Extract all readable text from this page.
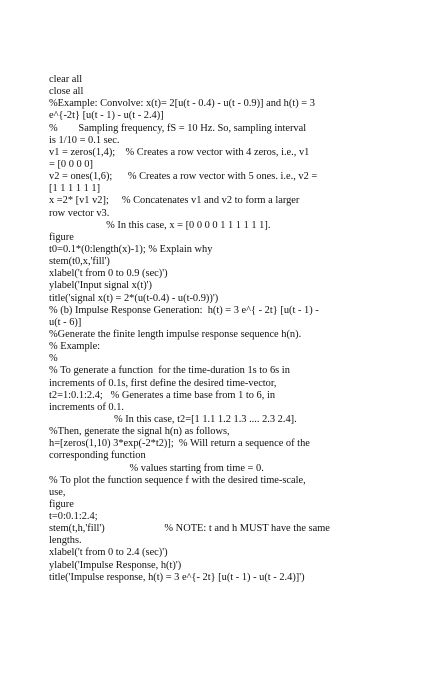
clear all
close all
%Example: Convolve: x(t)= 2[u(t - 0.4) - u(t - 0.9)] and h(t) = 3
e^{-2t} [u(t - 1) - u(t - 2.4)]
%        Sampling frequency, fS = 10 Hz. So, sampling interval
is 1/10 = 0.1 sec.
v1 = zeros(1,4);    % Creates a row vector with 4 zeros, i.e., v1
= [0 0 0 0]
v2 = ones(1,6);      % Creates a row vector with 5 ones. i.e., v2 =
[1 1 1 1 1 1]
x =2* [v1 v2];     % Concatenates v1 and v2 to form a larger
row vector v3.
% In this case, x = [0 0 0 0 1 1 1 1 1 1].
figure
t0=0.1*(0:length(x)-1); % Explain why
stem(t0,x,'fill')
xlabel('t from 0 to 0.9 (sec)')
ylabel('Input signal x(t)')
title('signal x(t) = 2*(u(t-0.4) - u(t-0.9))')
% (b) Impulse Response Generation:  h(t) = 3 e^{ - 2t} [u(t - 1) -
u(t - 6)]
%Generate the finite length impulse response sequence h(n).
% Example:
%
% To generate a function  for the time-duration 1s to 6s in
increments of 0.1s, first define the desired time-vector,
t2=1:0.1:2.4;   % Generates a time base from 1 to 6, in
increments of 0.1.
% In this case, t2=[1 1.1 1.2 1.3 .... 2.3 2.4].
%Then, generate the signal h(n) as follows,
h=[zeros(1,10) 3*exp(-2*t2)];  % Will return a sequence of the
corresponding function
% values starting from time = 0.
% To plot the function sequence f with the desired time-scale,
use,
figure
t=0:0.1:2.4;
stem(t,h,'fill')                       % NOTE: t and h MUST have the same
lengths.
xlabel('t from 0 to 2.4 (sec)')
ylabel('Impulse Response, h(t)')
title('Impulse response, h(t) = 3 e^{- 2t} [u(t - 1) - u(t - 2.4)]')
